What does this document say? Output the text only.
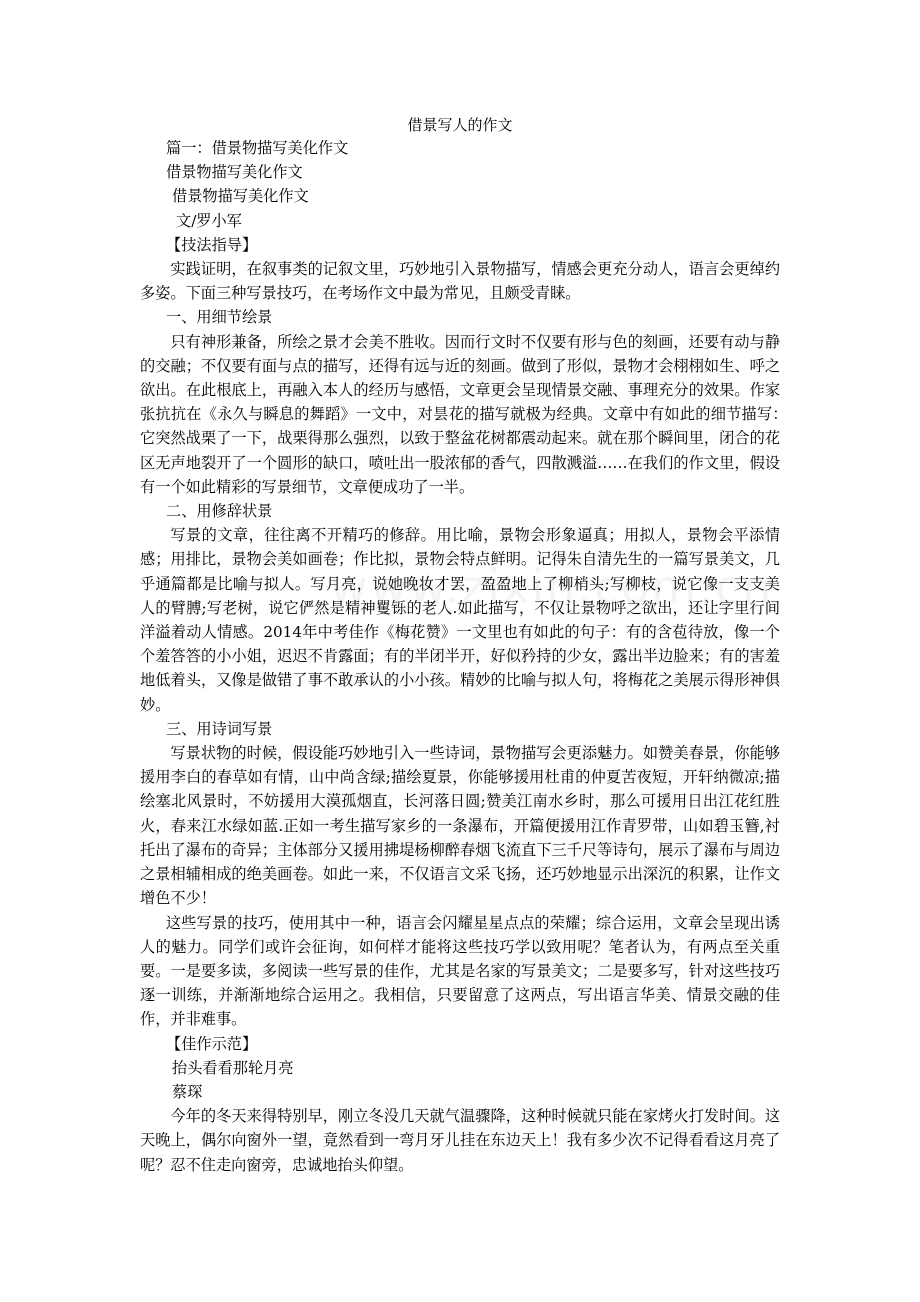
借景写人的作文

篇一：借景物描写美化作文

借景物描写美化作文

借景物描写美化作文

文/罗小军

【技法指导】

实践证明，在叙事类的记叙文里，巧妙地引入景物描写，情感会更充分动人，语言会更绰约多姿。下面三种写景技巧，在考场作文中最为常见，且颇受青睐。

一、用细节绘景

只有神形兼备，所绘之景才会美不胜收。因而行文时不仅要有形与色的刻画，还要有动与静的交融；不仅要有面与点的描写，还得有远与近的刻画。做到了形似，景物才会栩栩如生、呼之欲出。在此根底上，再融入本人的经历与感悟，文章更会呈现情景交融、事理充分的效果。作家张抗抗在《永久与瞬息的舞蹈》一文中，对昙花的描写就极为经典。文章中有如此的细节描写：　它突然战栗了一下，战栗得那么强烈，以致于整盆花树都震动起来。就在那个瞬间里，闭合的花区无声地裂开了一个圆形的缺口，喷吐出一股浓郁的香气，四散溅溢……在我们的作文里，假设有一个如此精彩的写景细节，文章便成功了一半。

二、用修辞状景

写景的文章，往往离不开精巧的修辞。用比喻，景物会形象逼真；用拟人，景物会平添情感；用排比，景物会美如画卷；作比拟，景物会特点鲜明。记得朱自清先生的一篇写景美文，几乎通篇都是比喻与拟人。写月亮，说她晚妆才罢，盈盈地上了柳梢头;写柳枝，说它像一支支美人的臂膊;写老树，说它俨然是精神矍铄的老人.如此描写，不仅让景物呼之欲出，还让字里行间洋溢着动人情感。2014年中考佳作《梅花赞》一文里也有如此的句子：有的含苞待放，像一个个羞答答的小小姐，迟迟不肯露面；有的半闭半开，好似矜持的少女，露出半边脸来；有的害羞地低着头，又像是做错了事不敢承认的小小孩。精妙的比喻与拟人句，将梅花之美展示得形神俱妙。

三、用诗词写景

写景状物的时候，假设能巧妙地引入一些诗词，景物描写会更添魅力。如赞美春景，你能够援用李白的春草如有情，山中尚含绿;描绘夏景，你能够援用杜甫的仲夏苦夜短，开轩纳微凉;描绘塞北风景时，不妨援用大漠孤烟直，长河落日圆;赞美江南水乡时，那么可援用日出江花红胜火，春来江水绿如蓝.正如一考生描写家乡的一条瀑布，开篇便援用江作青罗带，山如碧玉簪,衬托出了瀑布的奇异；主体部分又援用拂堤杨柳醉春烟飞流直下三千尺等诗句，展示了瀑布与周边之景相辅相成的绝美画卷。如此一来，不仅语言文采飞扬，还巧妙地显示出深沉的积累，让作文增色不少！

这些写景的技巧，使用其中一种，语言会闪耀星星点点的荣耀；综合运用，文章会呈现出诱人的魅力。同学们或许会征询，如何样才能将这些技巧学以致用呢？笔者认为，有两点至关重要。一是要多读，多阅读一些写景的佳作，尤其是名家的写景美文；二是要多写，针对这些技巧逐一训练，并渐渐地综合运用之。我相信，只要留意了这两点，写出语言华美、情景交融的佳作，并非难事。

【佳作示范】

抬头看看那轮月亮

蔡琛

今年的冬天来得特别早，刚立冬没几天就气温骤降，这种时候就只能在家烤火打发时间。这天晚上，偶尔向窗外一望，竟然看到一弯月牙儿挂在东边天上！我有多少次不记得看看这月亮了呢？忍不住走向窗旁，忠诚地抬头仰望。
